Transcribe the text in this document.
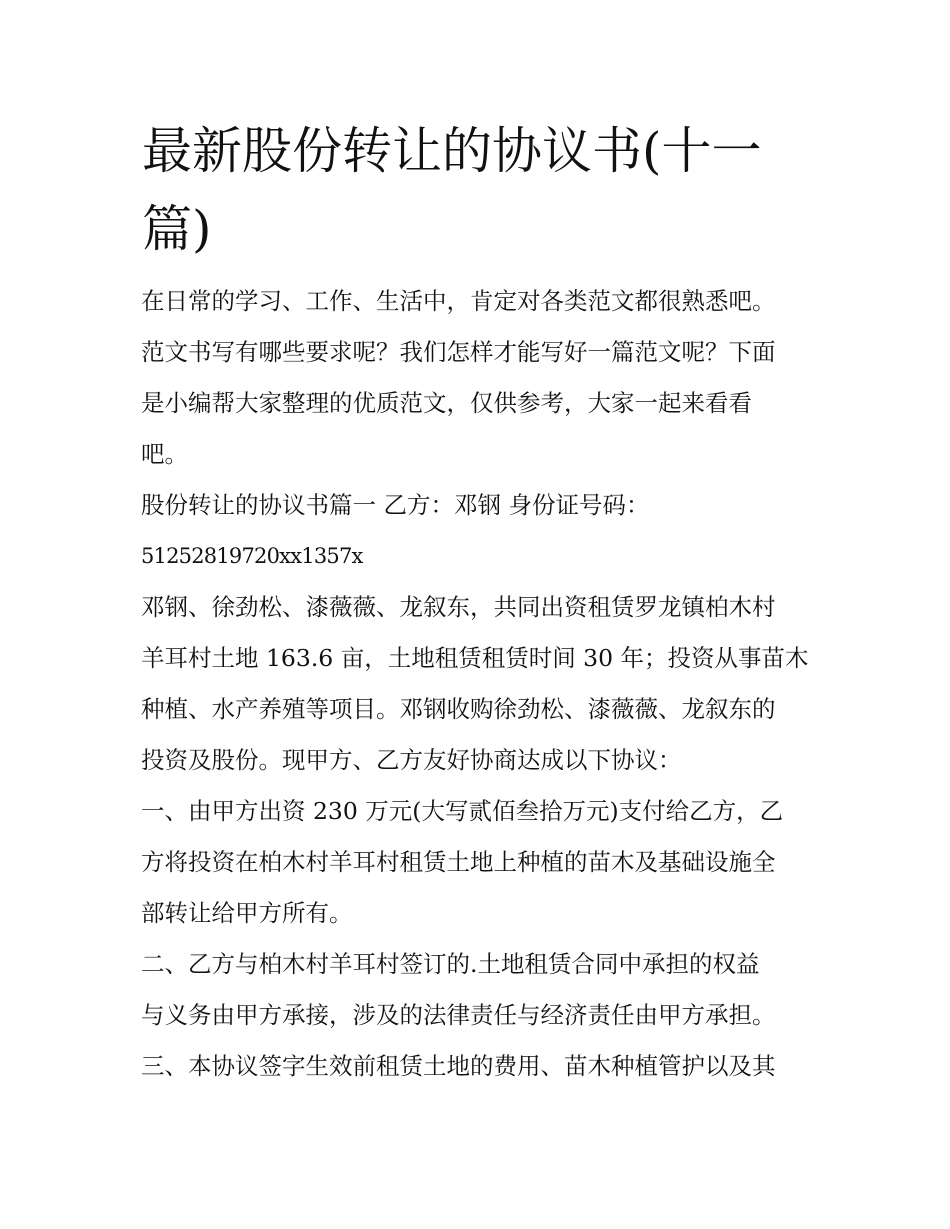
最新股份转让的协议书(十一
篇)
在日常的学习、工作、生活中，肯定对各类范文都很熟悉吧。
范文书写有哪些要求呢？我们怎样才能写好一篇范文呢？下面
是小编帮大家整理的优质范文，仅供参考，大家一起来看看
吧。
股份转让的协议书篇一 乙方：邓钢 身份证号码：
51252819720xx1357x
邓钢、徐劲松、漆薇薇、龙叙东，共同出资租赁罗龙镇柏木村
羊耳村土地 163.6 亩，土地租赁租赁时间 30 年；投资从事苗木
种植、水产养殖等项目。邓钢收购徐劲松、漆薇薇、龙叙东的
投资及股份。现甲方、乙方友好协商达成以下协议：
一、由甲方出资 230 万元(大写贰佰叁拾万元)支付给乙方，乙
方将投资在柏木村羊耳村租赁土地上种植的苗木及基础设施全
部转让给甲方所有。
二、乙方与柏木村羊耳村签订的.土地租赁合同中承担的权益
与义务由甲方承接，涉及的法律责任与经济责任由甲方承担。
三、本协议签字生效前租赁土地的费用、苗木种植管护以及其
